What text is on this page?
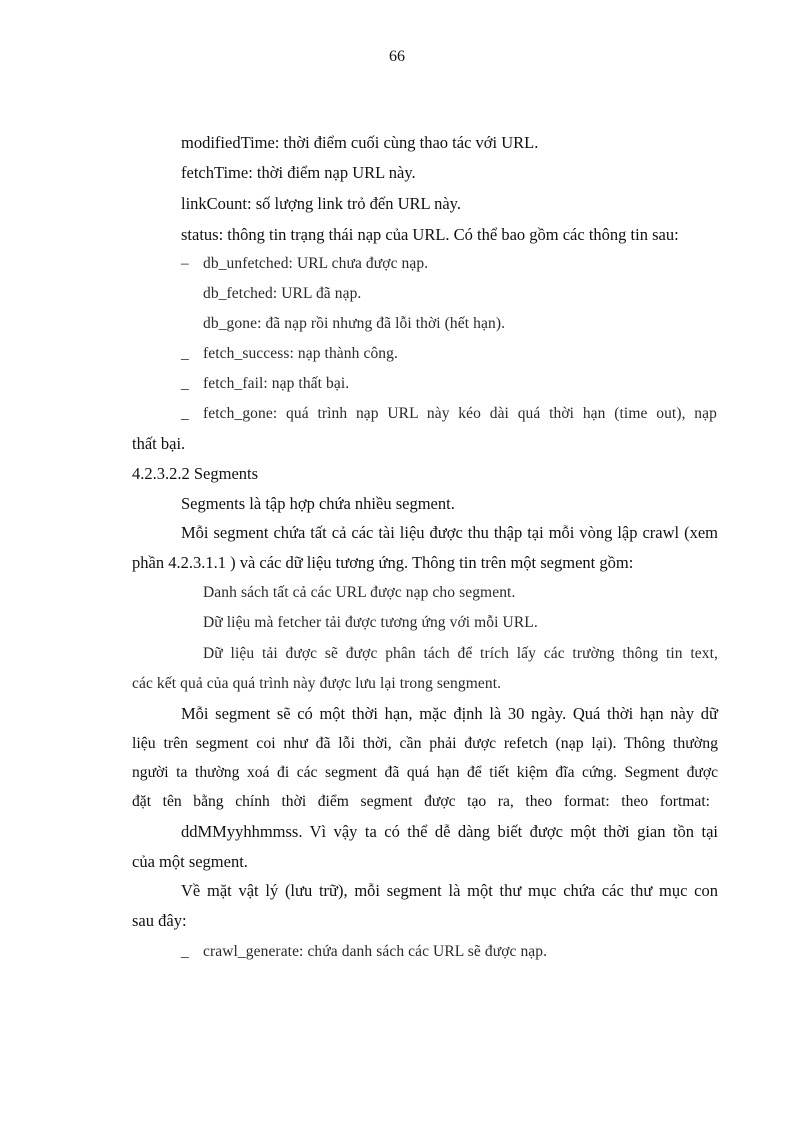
66
modifiedTime: thời điểm cuối cùng thao tác với URL.
fetchTime: thời điểm nạp URL này.
linkCount: số lượng link trỏ đến URL này.
status: thông tin trạng thái nạp của URL. Có thể bao gồm các thông tin sau:
– db_unfetched: URL chưa được nạp.
db_fetched: URL đã nạp.
db_gone: đã nạp rồi nhưng đã lỗi thời (hết hạn).
_ fetch_success: nạp thành công.
_ fetch_fail: nạp thất bại.
_ fetch_gone: quá trình nạp URL này kéo dài quá thời hạn (time out), nạp
thất bại.
4.2.3.2.2 Segments
Segments là tập hợp chứa nhiều segment.
Mỗi segment chứa tất cả các tài liệu được thu thập tại mỗi vòng lập crawl (xem
phần 4.2.3.1.1 ) và các dữ liệu tương ứng. Thông tin trên một segment gồm:
Danh sách tất cả các URL được nạp cho segment.
Dữ liệu mà fetcher tải được tương ứng với mỗi URL.
Dữ liệu tải được sẽ được phân tách để trích lấy các trường thông tin text,
các kết quả của quá trình này được lưu lại trong sengment.
Mỗi segment sẽ có một thời hạn, mặc định là 30 ngày. Quá thời hạn này dữ
liệu trên segment coi như đã lỗi thời, cần phải được refetch (nạp lại). Thông thường
người ta thường xoá đi các segment đã quá hạn để tiết kiệm đĩa cứng. Segment được
đặt tên bằng chính thời điểm segment được tạo ra, theo format: theo fortmat:
ddMMyyhhmmss. Vì vậy ta có thể dễ dàng biết được một thời gian tồn tại
của một segment.
Về mặt vật lý (lưu trữ), mỗi segment là một thư mục chứa các thư mục con
sau đây:
_ crawl_generate: chứa danh sách các URL sẽ được nạp.
